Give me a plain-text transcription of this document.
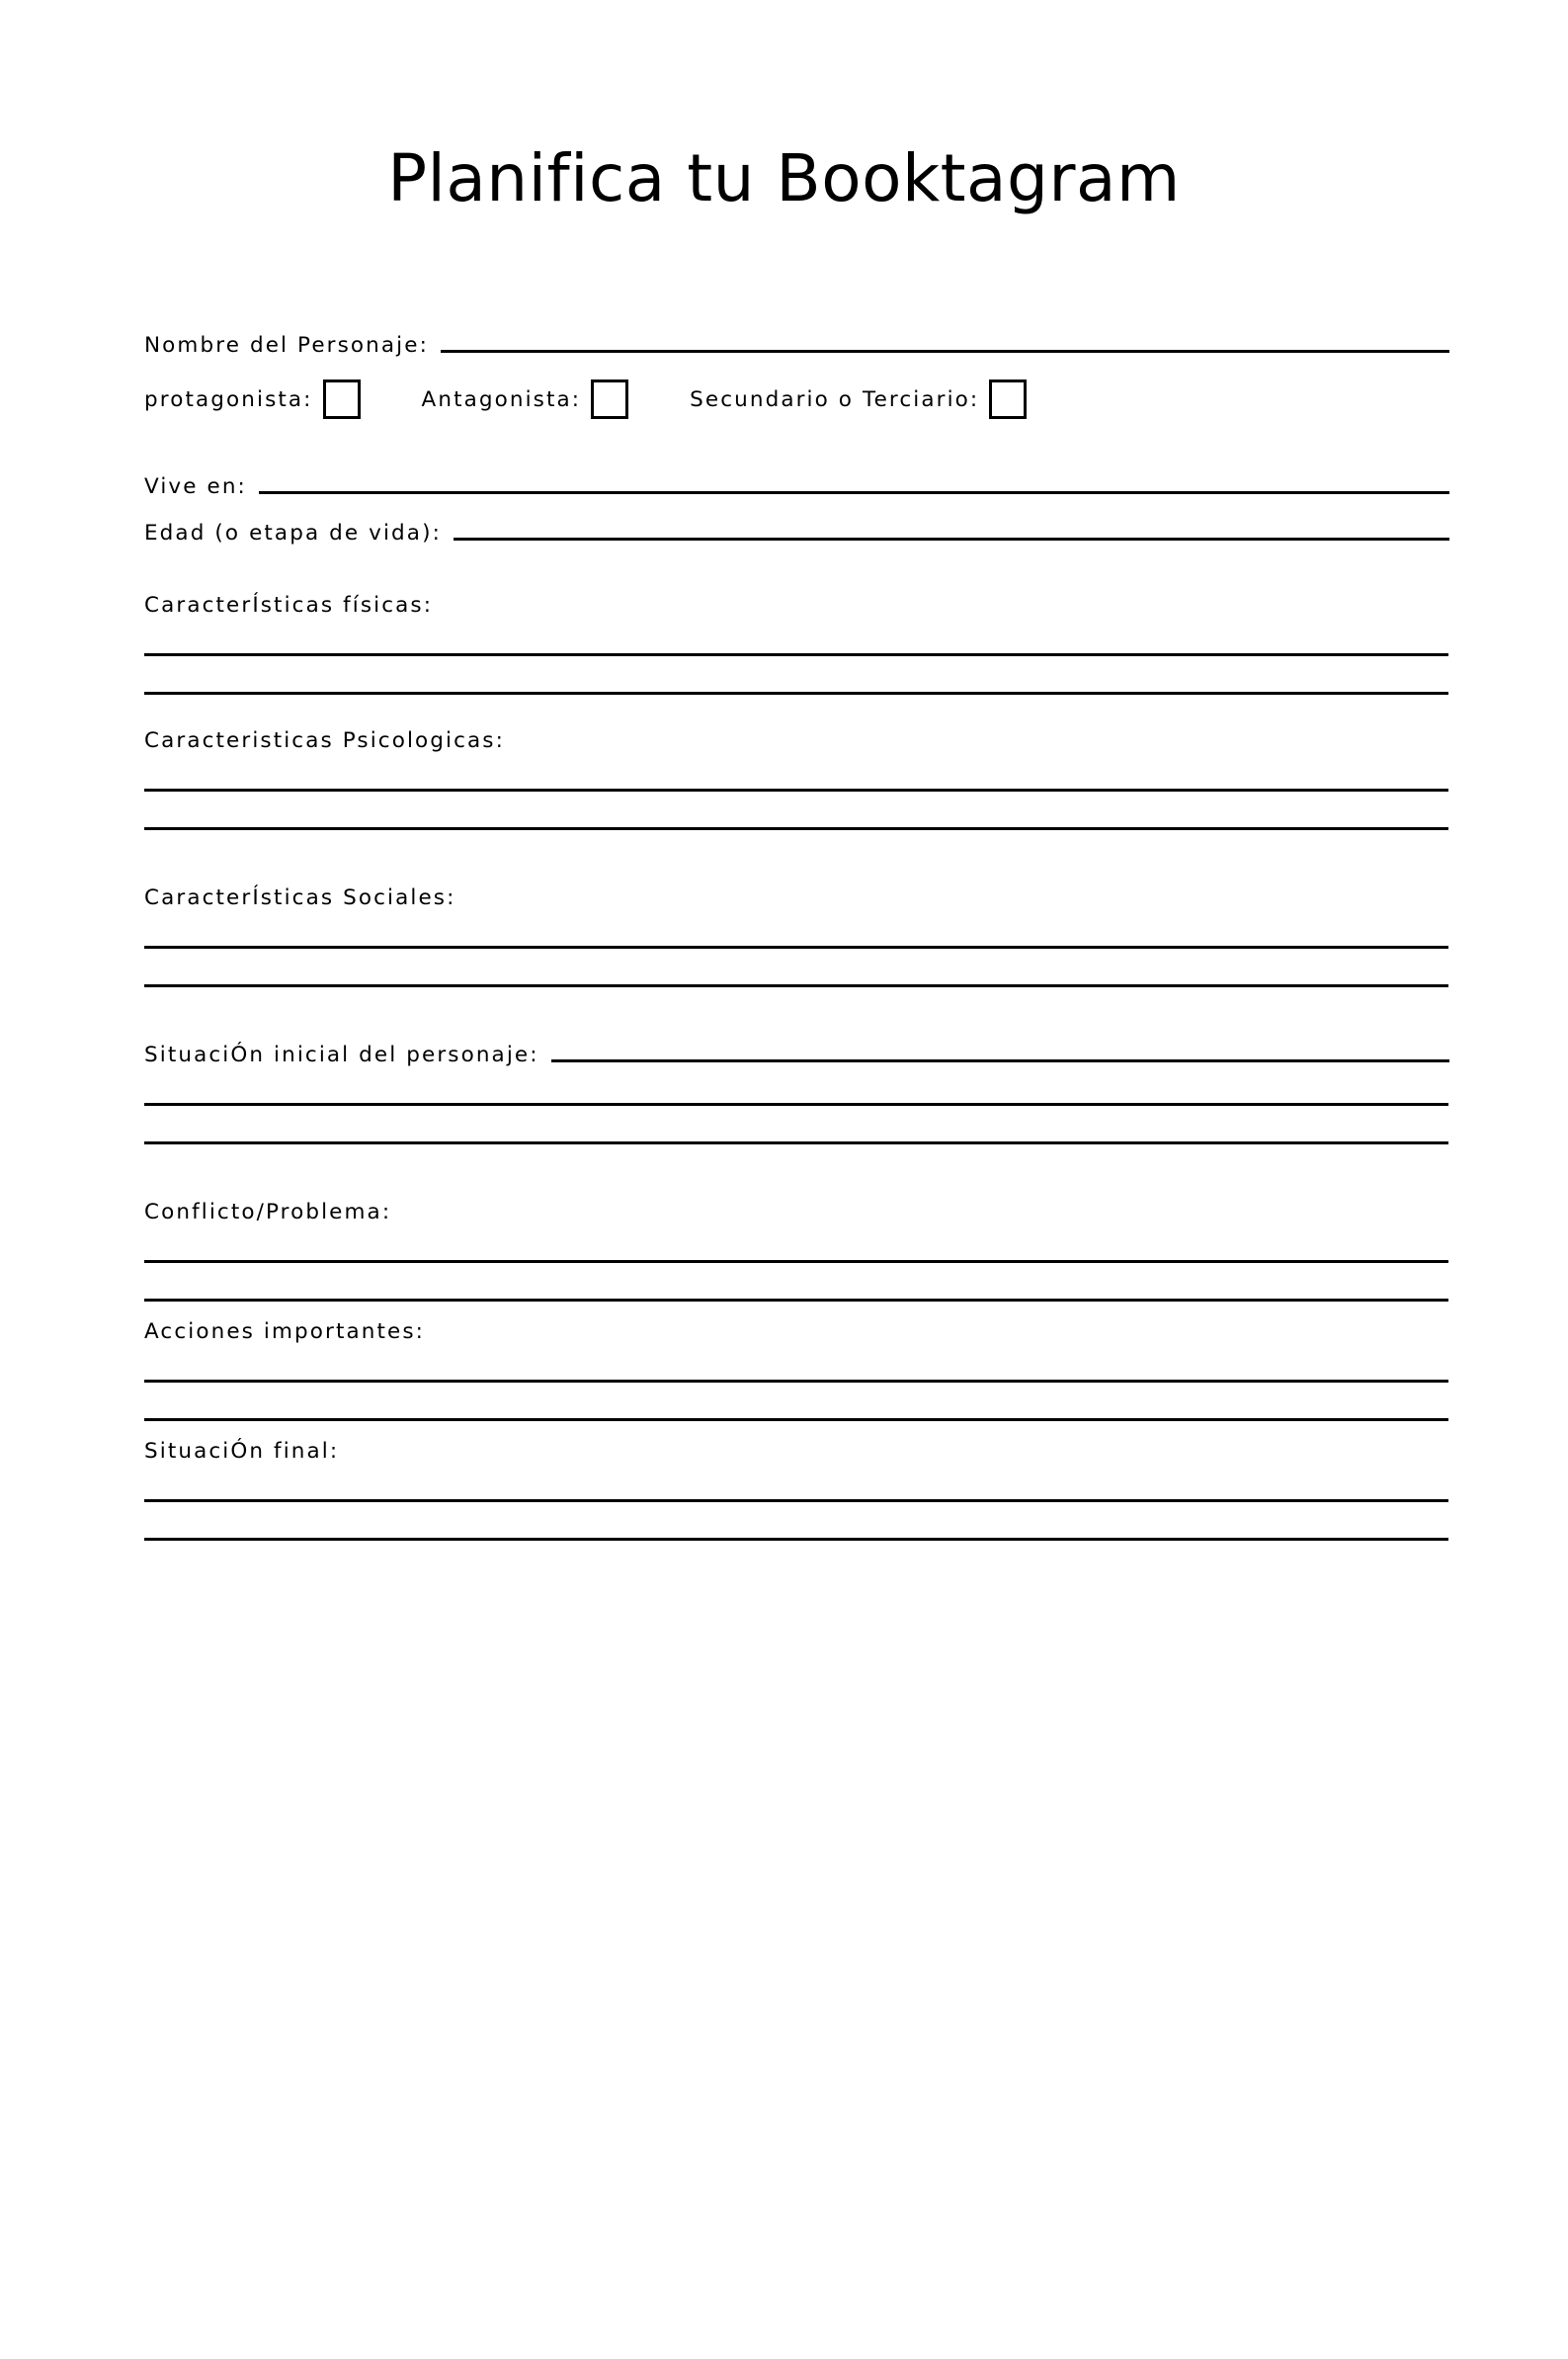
Planifica tu Booktagram
Nombre del Personaje:
protagonista:	Antagonista:	Secundario o Terciario:
Vive en:
Edad (o etapa de vida):
CaracterÍsticas físicas:
Caracteristicas Psicologicas:
CaracterÍsticas Sociales:
SituaciÓn inicial del personaje:
Conflicto/Problema:
Acciones importantes:
SituaciÓn final:
